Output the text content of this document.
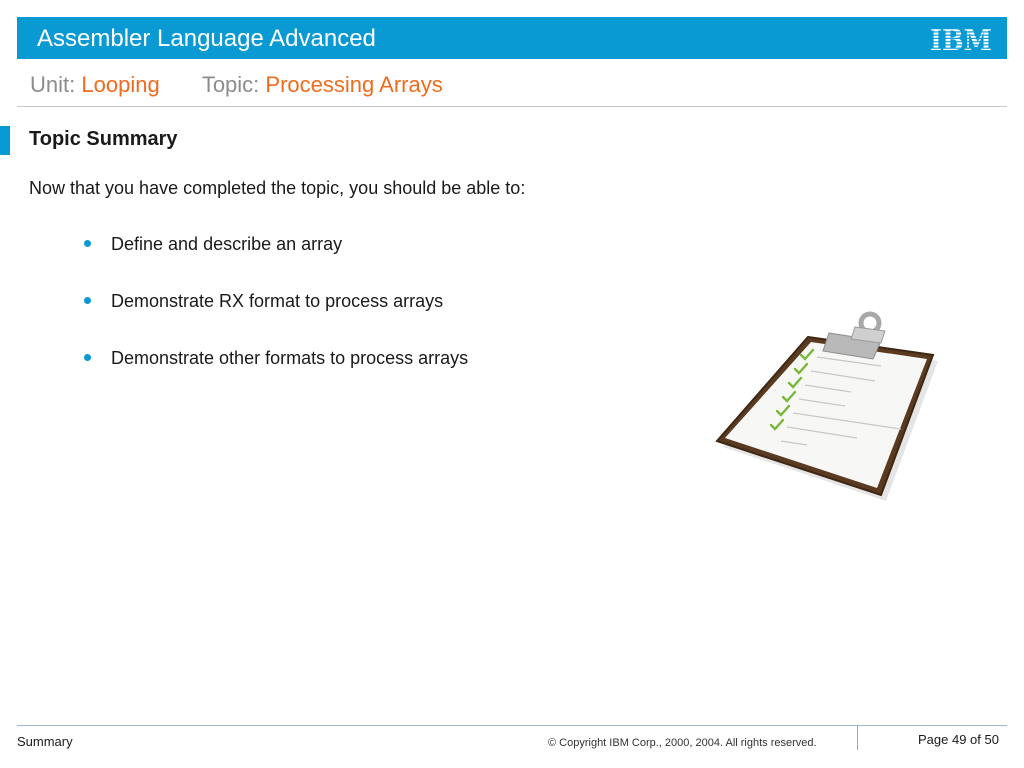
Assembler Language Advanced	IBM
Unit: Looping Topic: Processing Arrays
Topic Summary
Now that you have completed the topic, you should be able to:
Define and describe an array
Demonstrate RX format to process arrays
Demonstrate other formats to process arrays
Summary	© Copyright IBM Corp., 2000, 2004. All rights reserved.	Page 49 of 50
